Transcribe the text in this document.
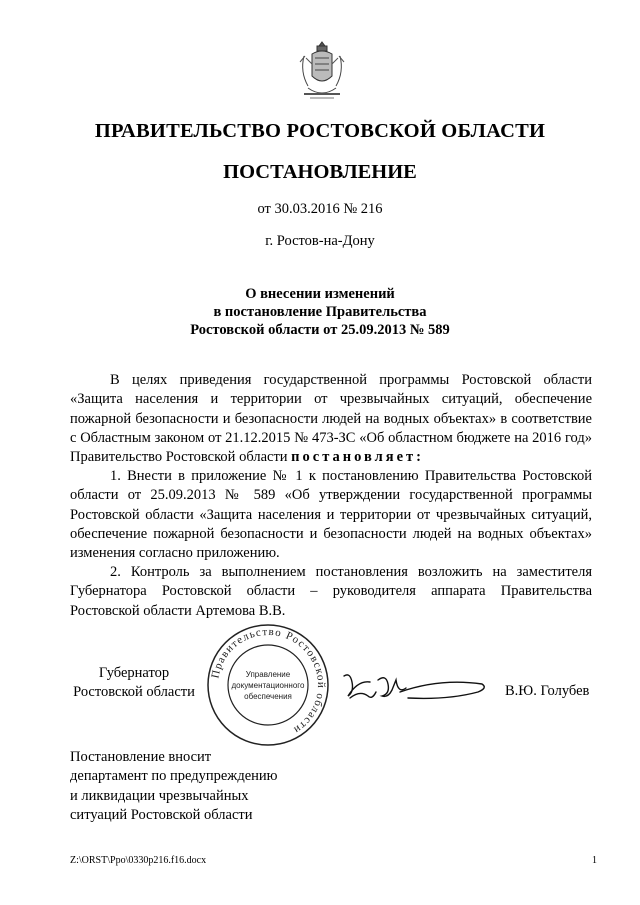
ПРАВИТЕЛЬСТВО РОСТОВСКОЙ ОБЛАСТИ
ПОСТАНОВЛЕНИЕ
от 30.03.2016 № 216
г. Ростов-на-Дону
О внесении изменений
в постановление Правительства
Ростовской области от 25.09.2013 № 589
В целях приведения государственной программы Ростовской области «Защита населения и территории от чрезвычайных ситуаций, обеспечение пожарной безопасности и безопасности людей на водных объектах» в соответствие с Областным законом от 21.12.2015 № 473-ЗС «Об областном бюджете на 2016 год» Правительство Ростовской области постановляет:
1. Внести в приложение № 1 к постановлению Правительства Ростовской области от 25.09.2013 № 589 «Об утверждении государственной программы Ростовской области «Защита населения и территории от чрезвычайных ситуаций, обеспечение пожарной безопасности и безопасности людей на водных объектах» изменения согласно приложению.
2. Контроль за выполнением постановления возложить на заместителя Губернатора Ростовской области – руководителя аппарата Правительства Ростовской области Артемова В.В.
Губернатор
Ростовской области
Правительство Ростовской области
Управление
документационного
обеспечения	В.Ю. Голубев
Постановление вносит
департамент по предупреждению
и ликвидации чрезвычайных
ситуаций Ростовской области
Z:\ORST\Ppo\0330p216.f16.docx	1
